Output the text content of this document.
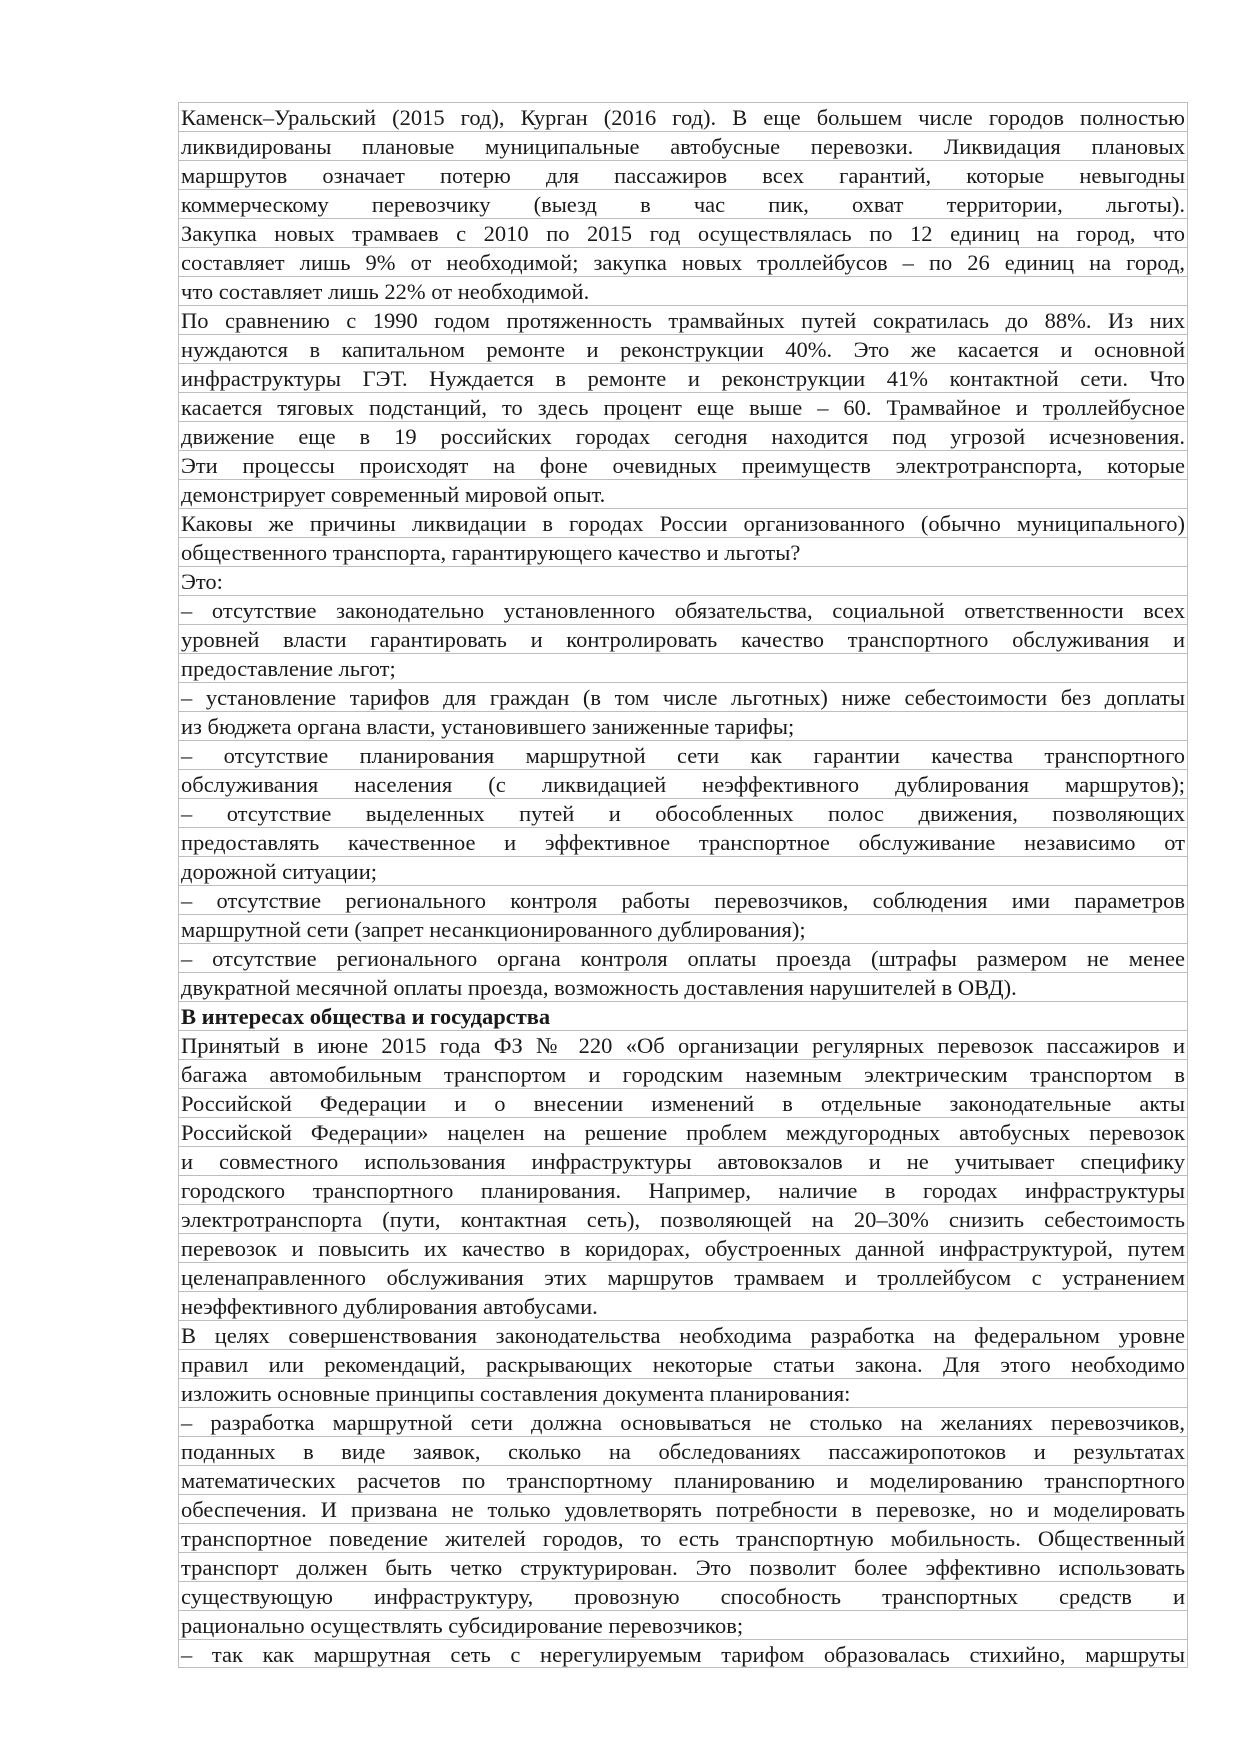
Каменск–Уральский (2015 год), Курган (2016 год). В еще большем числе городов полностью
ликвидированы плановые муниципальные автобусные перевозки. Ликвидация плановых
маршрутов означает потерю для пассажиров всех гарантий, которые невыгодны
коммерческому перевозчику (выезд в час пик, охват территории, льготы).
Закупка новых трамваев с 2010 по 2015 год осуществлялась по 12 единиц на город, что
составляет лишь 9% от необходимой; закупка новых троллейбусов – по 26 единиц на город,
что составляет лишь 22% от необходимой.
По сравнению с 1990 годом протяженность трамвайных путей сократилась до 88%. Из них
нуждаются в капитальном ремонте и реконструкции 40%. Это же касается и основной
инфраструктуры ГЭТ. Нуждается в ремонте и реконструкции 41% контактной сети. Что
касается тяговых подстанций, то здесь процент еще выше – 60. Трамвайное и троллейбусное
движение еще в 19 российских городах сегодня находится под угрозой исчезновения.
Эти процессы происходят на фоне очевидных преимуществ электротранспорта, которые
демонстрирует современный мировой опыт.
Каковы же причины ликвидации в городах России организованного (обычно муниципального)
общественного транспорта, гарантирующего качество и льготы?
Это:
– отсутствие законодательно установленного обязательства, социальной ответственности всех
уровней власти гарантировать и контролировать качество транспортного обслуживания и
предоставление льгот;
– установление тарифов для граждан (в том числе льготных) ниже себестоимости без доплаты
из бюджета органа власти, установившего заниженные тарифы;
– отсутствие планирования маршрутной сети как гарантии качества транспортного
обслуживания населения (с ликвидацией неэффективного дублирования маршрутов);
– отсутствие выделенных путей и обособленных полос движения, позволяющих
предоставлять качественное и эффективное транспортное обслуживание независимо от
дорожной ситуации;
– отсутствие регионального контроля работы перевозчиков, соблюдения ими параметров
маршрутной сети (запрет несанкционированного дублирования);
– отсутствие регионального органа контроля оплаты проезда (штрафы размером не менее
двукратной месячной оплаты проезда, возможность доставления нарушителей в ОВД).
В интересах общества и государства
Принятый в июне 2015 года ФЗ № 220 «Об организации регулярных перевозок пассажиров и
багажа автомобильным транспортом и городским наземным электрическим транспортом в
Российской Федерации и о внесении изменений в отдельные законодательные акты
Российской Федерации» нацелен на решение проблем междугородных автобусных перевозок
и совместного использования инфраструктуры автовокзалов и не учитывает специфику
городского транспортного планирования. Например, наличие в городах инфраструктуры
электротранспорта (пути, контактная сеть), позволяющей на 20–30% снизить себестоимость
перевозок и повысить их качество в коридорах, обустроенных данной инфраструктурой, путем
целенаправленного обслуживания этих маршрутов трамваем и троллейбусом с устранением
неэффективного дублирования автобусами.
В целях совершенствования законодательства необходима разработка на федеральном уровне
правил или рекомендаций, раскрывающих некоторые статьи закона. Для этого необходимо
изложить основные принципы составления документа планирования:
– разработка маршрутной сети должна основываться не столько на желаниях перевозчиков,
поданных в виде заявок, сколько на обследованиях пассажиропотоков и результатах
математических расчетов по транспортному планированию и моделированию транспортного
обеспечения. И призвана не только удовлетворять потребности в перевозке, но и моделировать
транспортное поведение жителей городов, то есть транспортную мобильность. Общественный
транспорт должен быть четко структурирован. Это позволит более эффективно использовать
существующую инфраструктуру, провозную способность транспортных средств и
рационально осуществлять субсидирование перевозчиков;
– так как маршрутная сеть с нерегулируемым тарифом образовалась стихийно, маршруты
